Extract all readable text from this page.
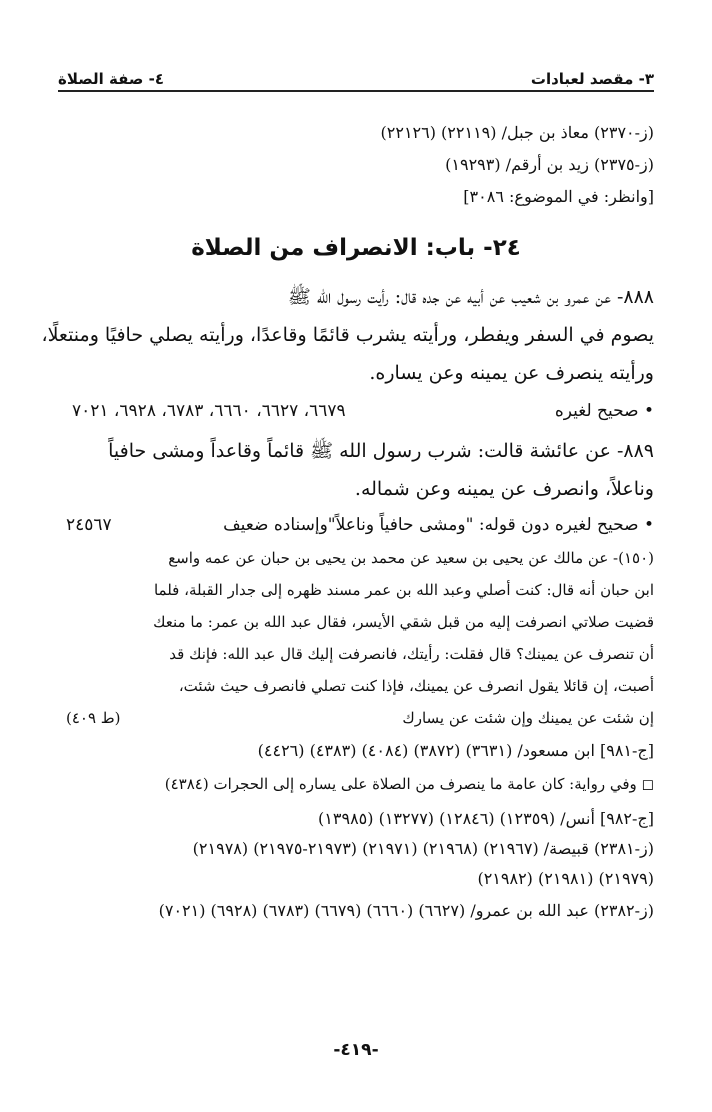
٤- صفة الصلاة	٣- مقصد لعبادات
(ز-٢٣٧٠) معاذ بن جبل/ (٢٢١١٩) (٢٢١٢٦)
(ز-٢٣٧٥) زيد بن أرقم/ (١٩٢٩٣)
[وانظر: في الموضوع: ٣٠٨٦]
٢٤- باب: الانصراف من الصلاة
٨٨٨- عن عمرو بن شعيب عن أبيه عن جده قال: رأيت رسول الله ﷺ
يصوم في السفر ويفطر، ورأيته يشرب قائمًا وقاعدًا، ورأيته يصلي حافيًا ومنتعلًا،
ورأيته ينصرف عن يمينه وعن يساره.
• صحيح لغيره
٦٦٧٩، ٦٦٢٧، ٦٦٦٠، ٦٧٨٣، ٦٩٢٨، ٧٠٢١
٨٨٩- عن عائشة قالت: شرب رسول الله ﷺ قائماً وقاعداً ومشى حافياً
وناعلاً، وانصرف عن يمينه وعن شماله.
• صحيح لغيره دون قوله: "ومشى حافياً وناعلاً"وإسناده ضعيف
٢٤٥٦٧
(١٥٠)- عن مالك عن يحيى بن سعيد عن محمد بن يحيى بن حبان عن عمه واسع
ابن حبان أنه قال: كنت أصلي وعبد الله بن عمر مسند ظهره إلى جدار القبلة، فلما
قضيت صلاتي انصرفت إليه من قبل شقي الأيسر، فقال عبد الله بن عمر: ما منعك
أن تنصرف عن يمينك؟ قال فقلت: رأيتك، فانصرفت إليك قال عبد الله: فإنك قد
أصبت، إن قائلا يقول انصرف عن يمينك، فإذا كنت تصلي فانصرف حيث شئت،
إن شئت عن يمينك وإن شئت عن يسارك
(ط ٤٠٩)
[ج-٩٨١] ابن مسعود/ (٣٦٣١) (٣٨٧٢) (٤٠٨٤) (٤٣٨٣) (٤٤٢٦)
◻ وفي رواية: كان عامة ما ينصرف من الصلاة على يساره إلى الحجرات (٤٣٨٤)
[ج-٩٨٢] أنس/ (١٢٣٥٩) (١٢٨٤٦) (١٣٢٧٧) (١٣٩٨٥)
(ز-٢٣٨١) قبيصة/ (٢١٩٦٧) (٢١٩٦٨) (٢١٩٧١) (٢١٩٧٣-٢١٩٧٥) (٢١٩٧٨)
(٢١٩٧٩) (٢١٩٨١) (٢١٩٨٢)
(ز-٢٣٨٢) عبد الله بن عمرو/ (٦٦٢٧) (٦٦٦٠) (٦٦٧٩) (٦٧٨٣) (٦٩٢٨) (٧٠٢١)
-٤١٩-
